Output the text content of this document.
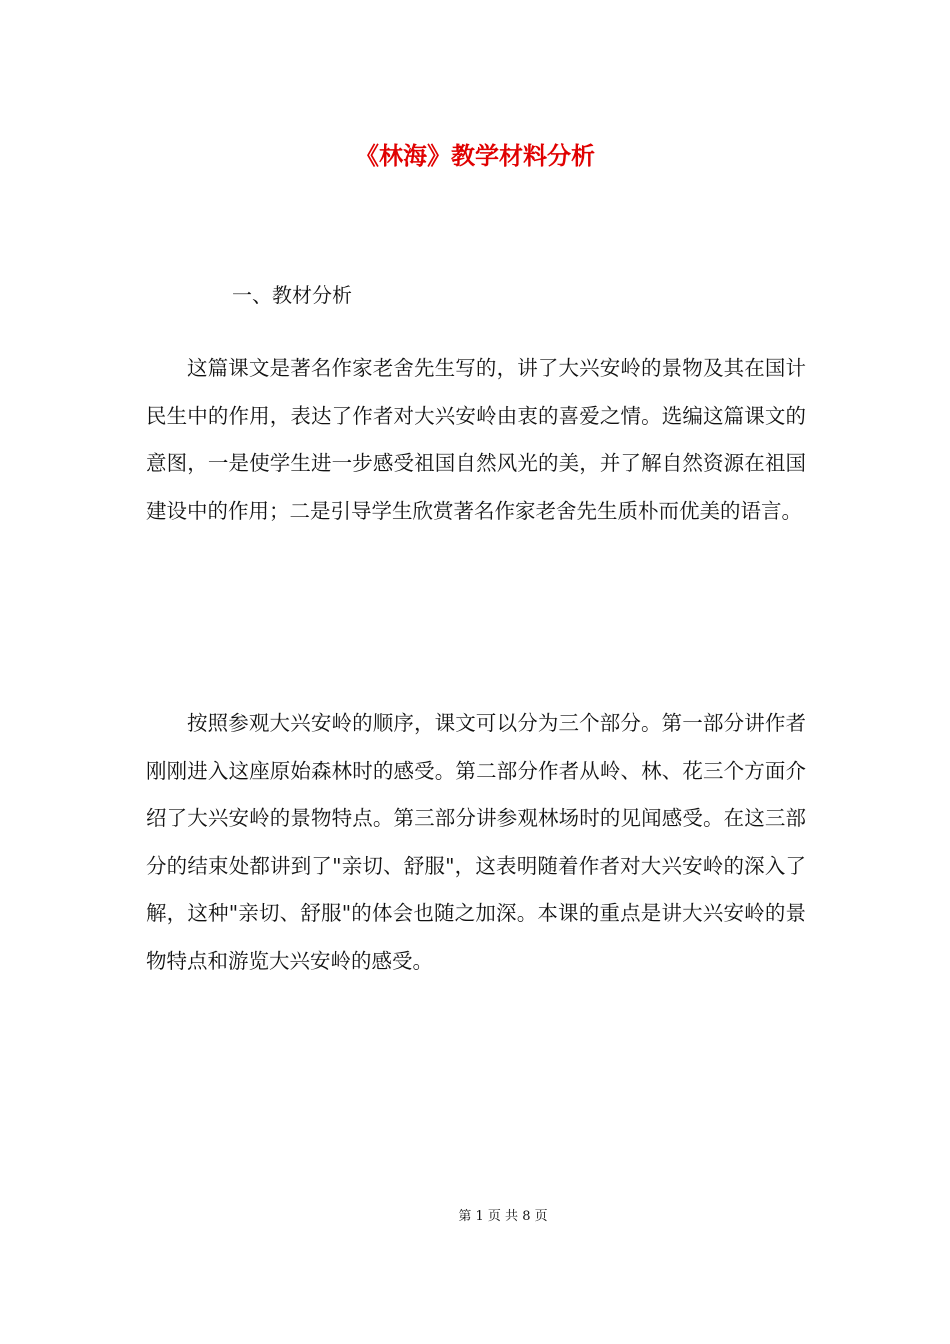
《林海》教学材料分析
一、教材分析

这篇课文是著名作家老舍先生写的，讲了大兴安岭的景物及其在国计民生中的作用，表达了作者对大兴安岭由衷的喜爱之情。选编这篇课文的意图，一是使学生进一步感受祖国自然风光的美，并了解自然资源在祖国建设中的作用；二是引导学生欣赏著名作家老舍先生质朴而优美的语言。

按照参观大兴安岭的顺序，课文可以分为三个部分。第一部分讲作者刚刚进入这座原始森林时的感受。第二部分作者从岭、林、花三个方面介绍了大兴安岭的景物特点。第三部分讲参观林场时的见闻感受。在这三部分的结束处都讲到了"亲切、舒服"，这表明随着作者对大兴安岭的深入了解，这种"亲切、舒服"的体会也随之加深。本课的重点是讲大兴安岭的景物特点和游览大兴安岭的感受。

第 1 页 共 8 页
